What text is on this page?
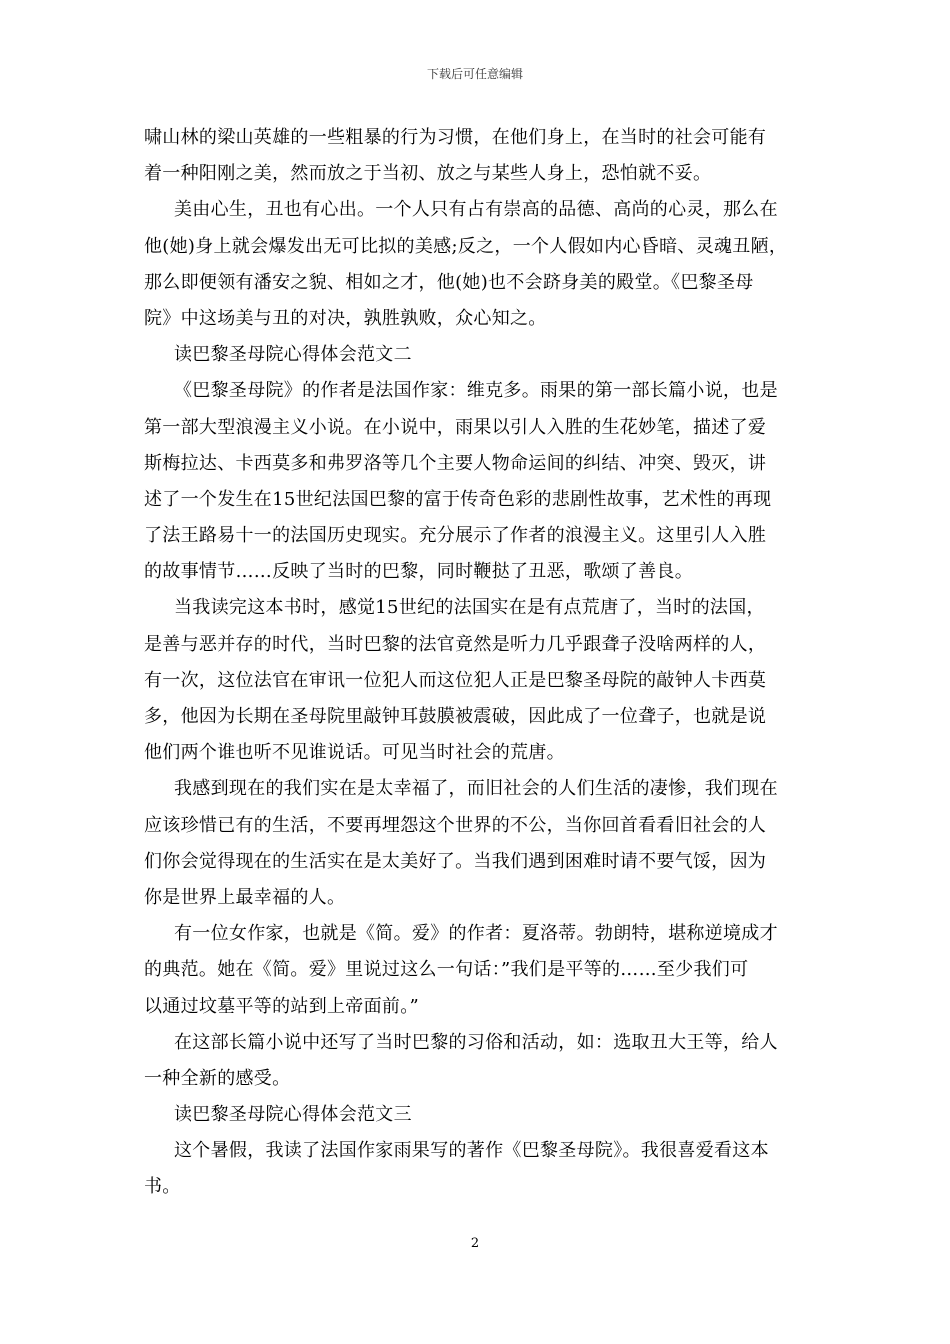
下载后可任意编辑
啸山林的梁山英雄的一些粗暴的行为习惯，在他们身上，在当时的社会可能有
着一种阳刚之美，然而放之于当初、放之与某些人身上，恐怕就不妥。
美由心生，丑也有心出。一个人只有占有崇高的品德、高尚的心灵，那么在
他(她)身上就会爆发出无可比拟的美感;反之，一个人假如内心昏暗、灵魂丑陋，
那么即便领有潘安之貌、相如之才，他(她)也不会跻身美的殿堂。《巴黎圣母
院》中这场美与丑的对决，孰胜孰败，众心知之。
读巴黎圣母院心得体会范文二
《巴黎圣母院》的作者是法国作家：维克多。雨果的第一部长篇小说，也是
第一部大型浪漫主义小说。在小说中，雨果以引人入胜的生花妙笔，描述了爱
斯梅拉达、卡西莫多和弗罗洛等几个主要人物命运间的纠结、冲突、毁灭，讲
述了一个发生在15世纪法国巴黎的富于传奇色彩的悲剧性故事，艺术性的再现
了法王路易十一的法国历史现实。充分展示了作者的浪漫主义。这里引人入胜
的故事情节……反映了当时的巴黎，同时鞭挞了丑恶，歌颂了善良。
当我读完这本书时，感觉15世纪的法国实在是有点荒唐了，当时的法国，
是善与恶并存的时代，当时巴黎的法官竟然是听力几乎跟聋子没啥两样的人，
有一次，这位法官在审讯一位犯人而这位犯人正是巴黎圣母院的敲钟人卡西莫
多，他因为长期在圣母院里敲钟耳鼓膜被震破，因此成了一位聋子，也就是说
他们两个谁也听不见谁说话。可见当时社会的荒唐。
我感到现在的我们实在是太幸福了，而旧社会的人们生活的凄惨，我们现在
应该珍惜已有的生活，不要再埋怨这个世界的不公，当你回首看看旧社会的人
们你会觉得现在的生活实在是太美好了。当我们遇到困难时请不要气馁，因为
你是世界上最幸福的人。
有一位女作家，也就是《简。爱》的作者：夏洛蒂。勃朗特，堪称逆境成才
的典范。她在《简。爱》里说过这么一句话：”我们是平等的……至少我们可
以通过坟墓平等的站到上帝面前。”
在这部长篇小说中还写了当时巴黎的习俗和活动，如：选取丑大王等，给人
一种全新的感受。
读巴黎圣母院心得体会范文三
这个暑假，我读了法国作家雨果写的著作《巴黎圣母院》。我很喜爱看这本
书。
2
